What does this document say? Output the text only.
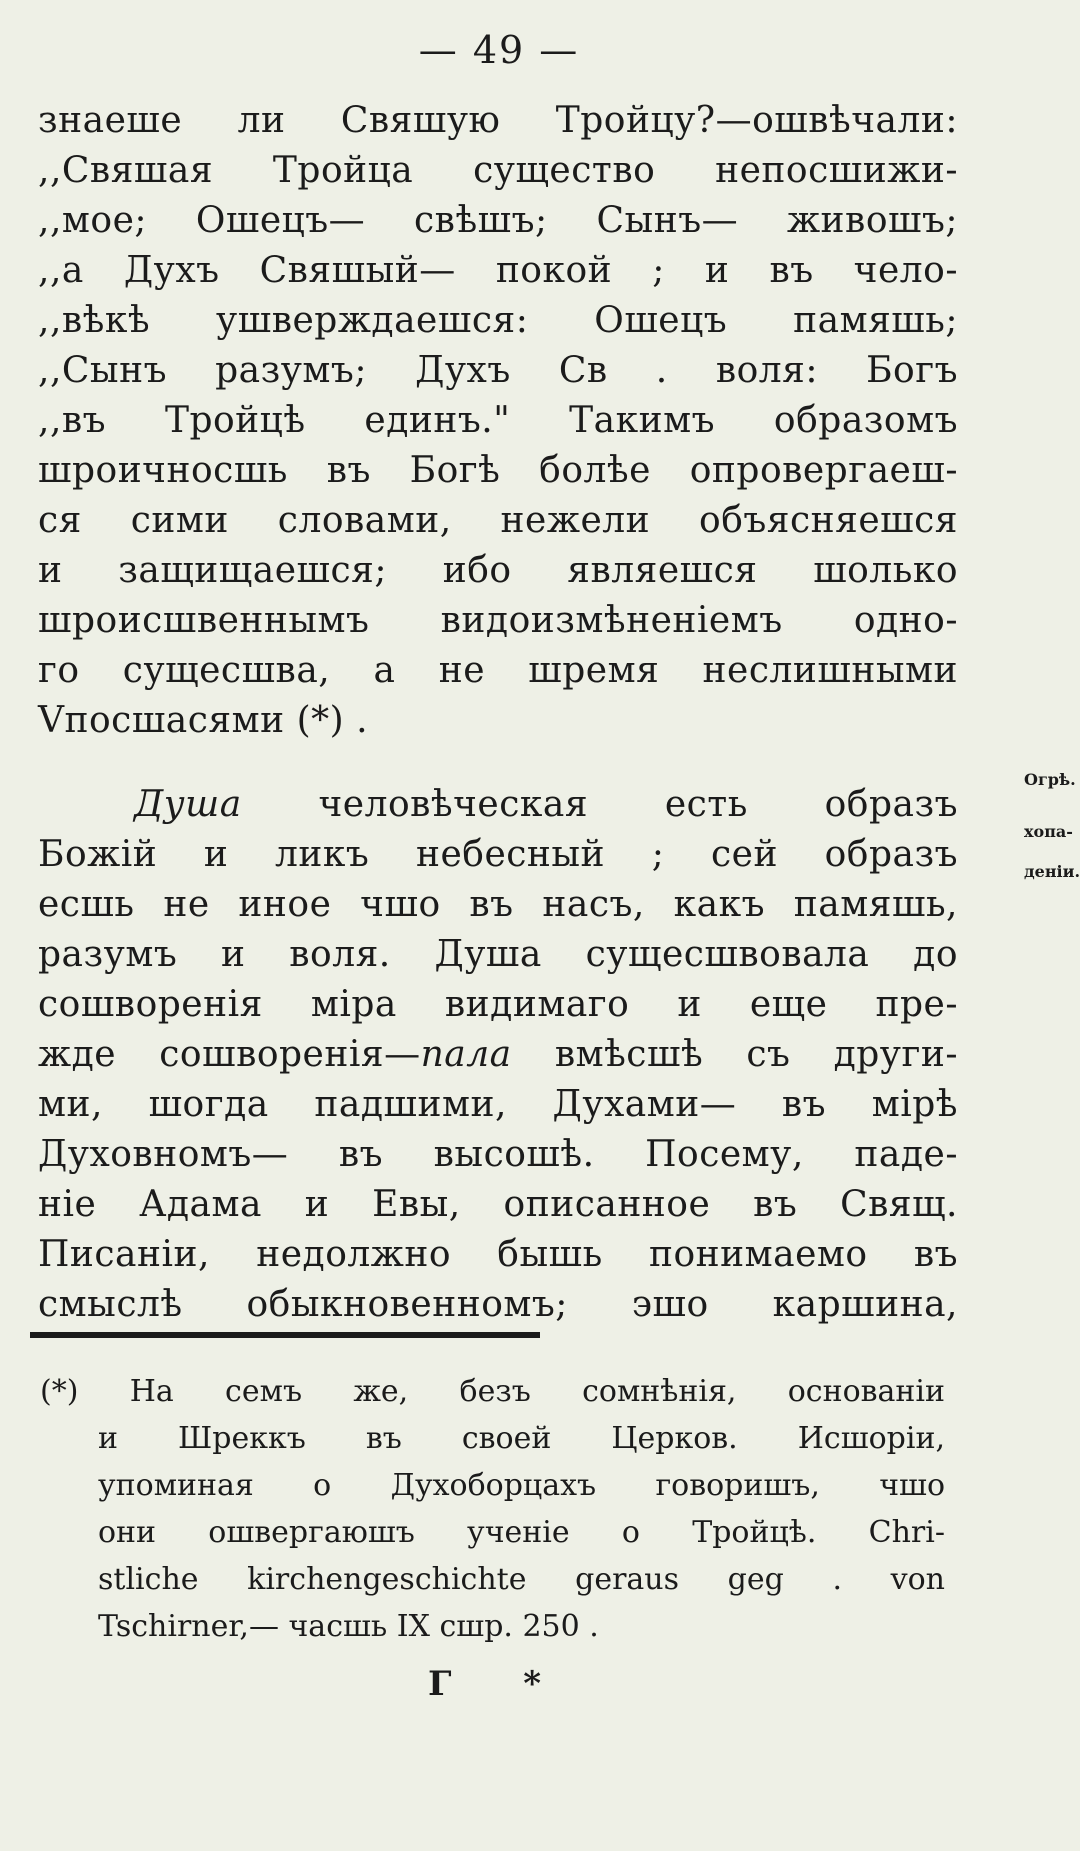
— 49 —
знаеше ли Свяшую Тройцу?—ошвѣчали:
,,Свяшая Тройца существо непосшижи-
,,мое; Ошецъ— свѣшъ; Сынъ— живошъ;
,,а Духъ Свяшый— покой ; и въ чело-
,,вѣкѣ ушверждаешся: Ошецъ памяшь;
,,Сынъ разумъ; Духъ Св . воля: Богъ
,,въ Тройцѣ единъ." Такимъ образомъ
шроичносшь въ Богѣ болѣе опровергаеш-
ся сими словами, нежели объясняешся
и защищаешся; ибо являешся шолько
шроисшвеннымъ видоизмѣненіемъ одно-
го сущесшва, а не шремя неслишными
Vпосшасями (*) .
Душа человѣческая есть образъ
Божій и ликъ небесный ; сей образъ
есшь не иное чшо въ насъ, какъ памяшь,
разумъ и воля. Душа сущесшвовала до
сошворенія міра видимаго и еще пре-
жде сошворенія—пала вмѣсшѣ съ други-
ми, шогда падшими, Духами— въ мірѣ
Духовномъ— въ высошѣ. Посему, паде-
ніе Адама и Евы, описанное въ Свящ.
Писаніи, недолжно бышь понимаемо въ
смыслѣ обыкновенномъ; эшо каршина,
Огрѣ.
хопа-
деніи.
(*) На семъ же, безъ сомнѣнія, основаніи
и Шреккъ въ своей Церков. Исшоріи,
упоминая о Духоборцахъ говоришъ, чшо
они ошвергаюшъ ученіе о Тройцѣ. Chri-
stliche kirchengeschichte geraus geg . von
Tschirner,— часшь IX сшр. 250 .
Г *
